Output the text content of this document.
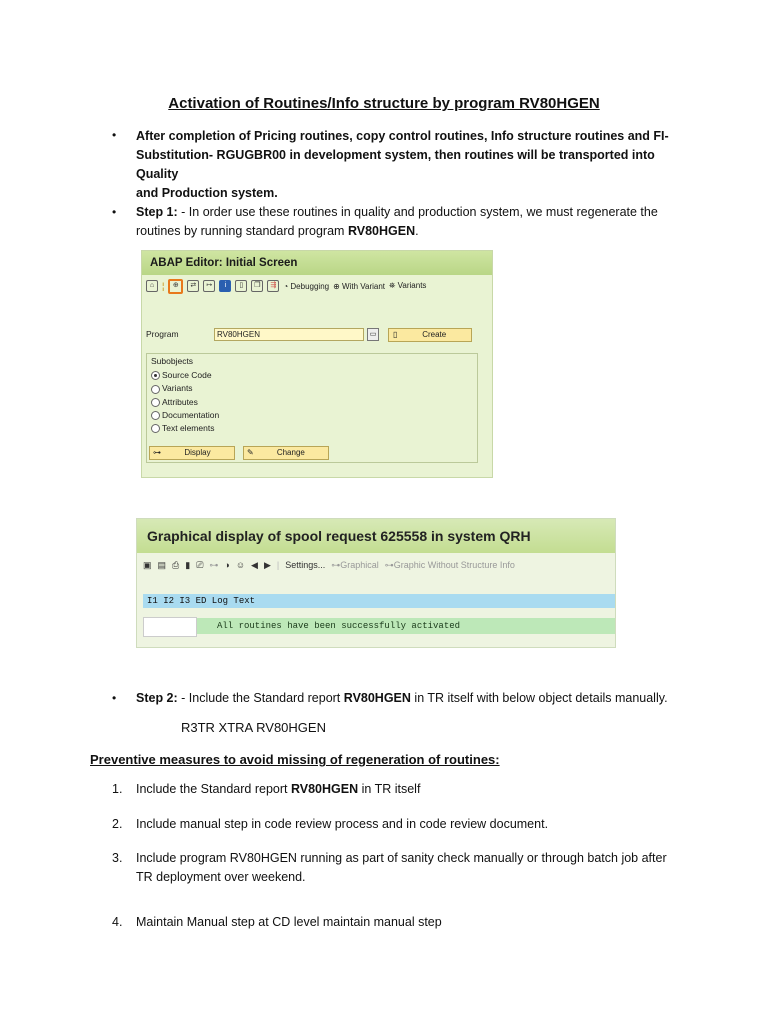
Activation of Routines/Info structure by program RV80HGEN
•	After completion of Pricing routines, copy control routines, Info structure routines and FI-
Substitution- RGUGBR00 in development system, then routines will be transported into Quality
and Production system.
•	Step 1: - In order use these routines in quality and production system, we must regenerate the
routines by running standard program RV80HGEN.
ABAP Editor: Initial Screen
⌂ ¦	⊕	⇄	↦	i	▯	❐	⇶ ◔ Debugging ⊕ With Variant ⛯ Variants
Program	RV80HGEN	▭	▯	Create
Subobjects
Source Code
Variants
Attributes
Documentation
Text elements
⊶	Display	✎	Change
Graphical display of spool request 625558 in system QRH
▣ ▤ ⎙ ▮ ⎚ ⊶ ◑ ☺ ◀ ▶ | Settings... ⊶Graphical ⊶Graphic Without Structure Info
I1 I2 I3 ED Log Text
All routines have been successfully activated
•	Step 2: - Include the Standard report RV80HGEN in TR itself with below object details manually.
R3TR XTRA RV80HGEN
Preventive measures to avoid missing of regeneration of routines:
1.	Include the Standard report RV80HGEN in TR itself
2.	Include manual step in code review process and in code review document.
3.	Include program RV80HGEN running as part of sanity check manually or through batch job after
TR deployment over weekend.
4.	Maintain Manual step at CD level maintain manual step
